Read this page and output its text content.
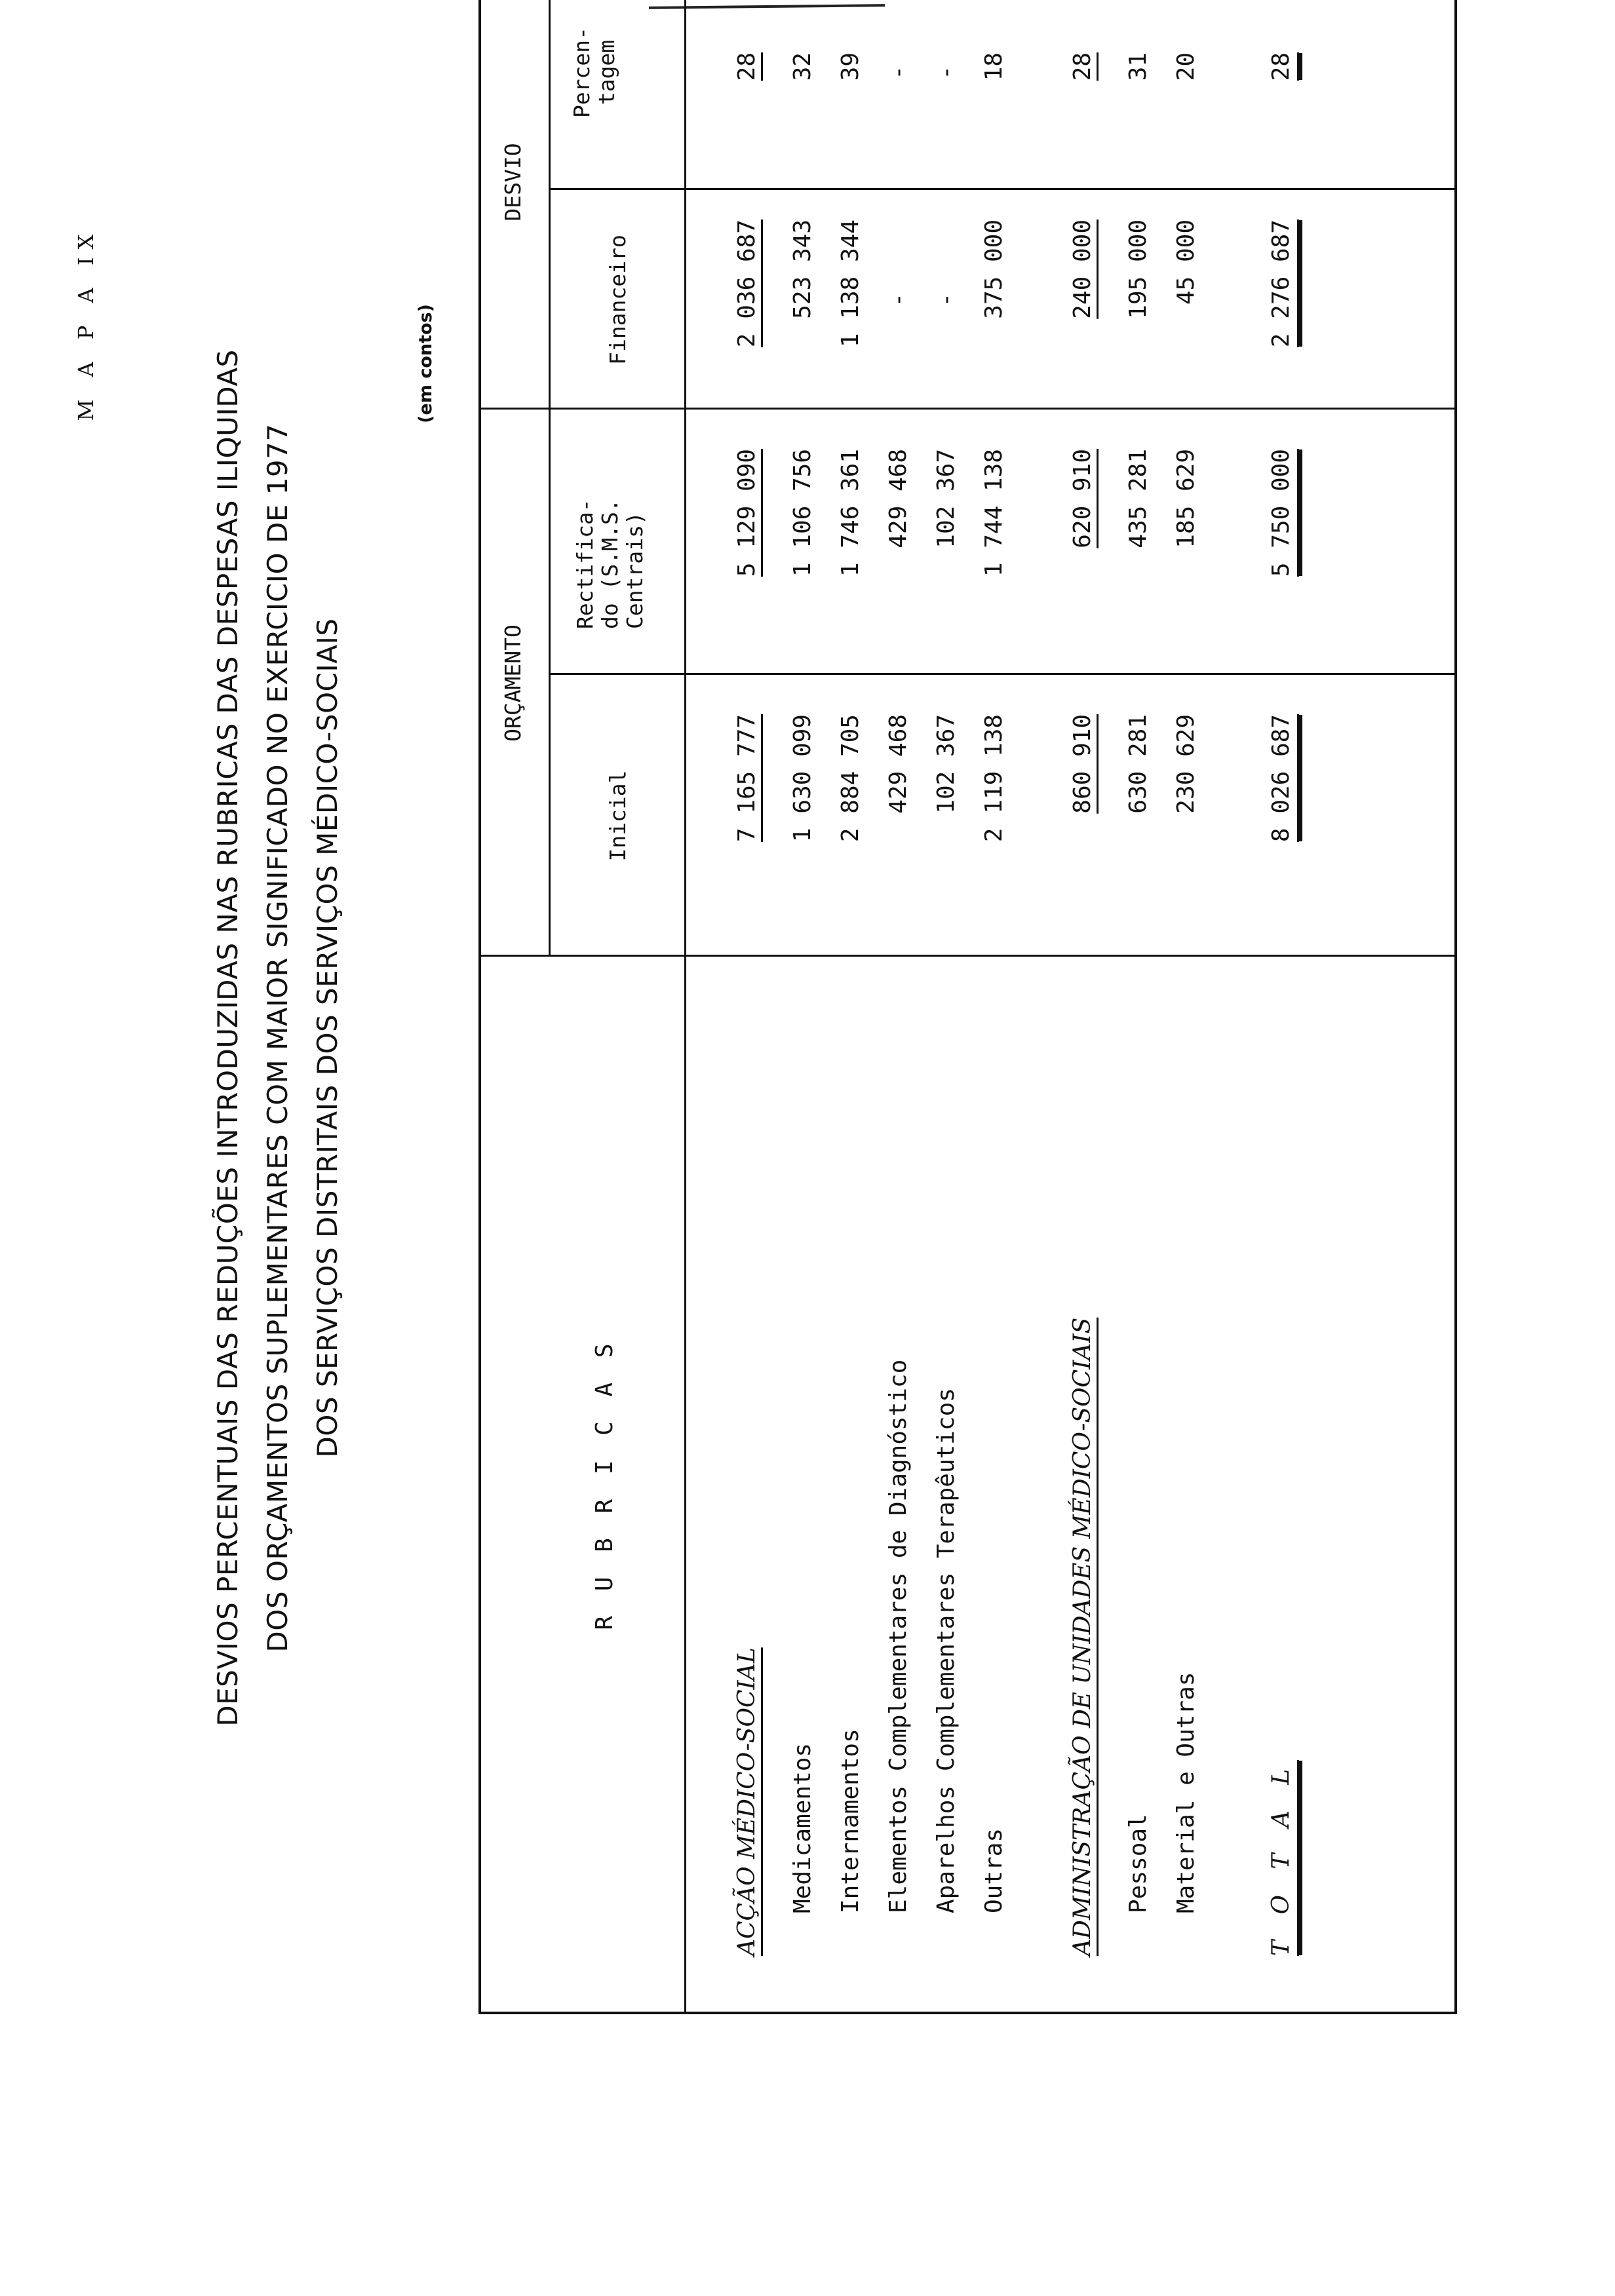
M A P A IX
DESVIOS PERCENTUAIS DAS REDUÇÕES INTRODUZIDAS NAS RUBRICAS DAS DESPESAS ILIQUIDAS DOS ORÇAMENTOS SUPLEMENTARES COM MAIOR SIGNIFICADO NO EXERCICIO DE 1977 DOS SERVIÇOS DISTRITAIS DOS SERVIÇOS MÉDICO-SOCIAIS
(em contos)
R U B R I C A S
ORÇAMENTO
DESVIO
Inicial
Rectifica-
do (S.M.S.
Centrais)
Financeiro
Percen-
tagem
ACÇÃO MÉDICO-SOCIAL
7 165 777
5 129 090
2 036 687
28
Medicamentos
1 630 099
1 106 756
523 343
32
Internamentos
2 884 705
1 746 361
1 138 344
39
Elementos Complementares de Diagnóstico
429 468
429 468
-
-
Aparelhos Complementares Terapêuticos
102 367
102 367
-
-
Outras
2 119 138
1 744 138
375 000
18
ADMINISTRAÇÃO DE UNIDADES MÉDICO-SOCIAIS
860 910
620 910
240 000
28
Pessoal
630 281
435 281
195 000
31
Material e Outras
230 629
185 629
45 000
20
T O T A L
8 026 687
5 750 000
2 276 687
28
